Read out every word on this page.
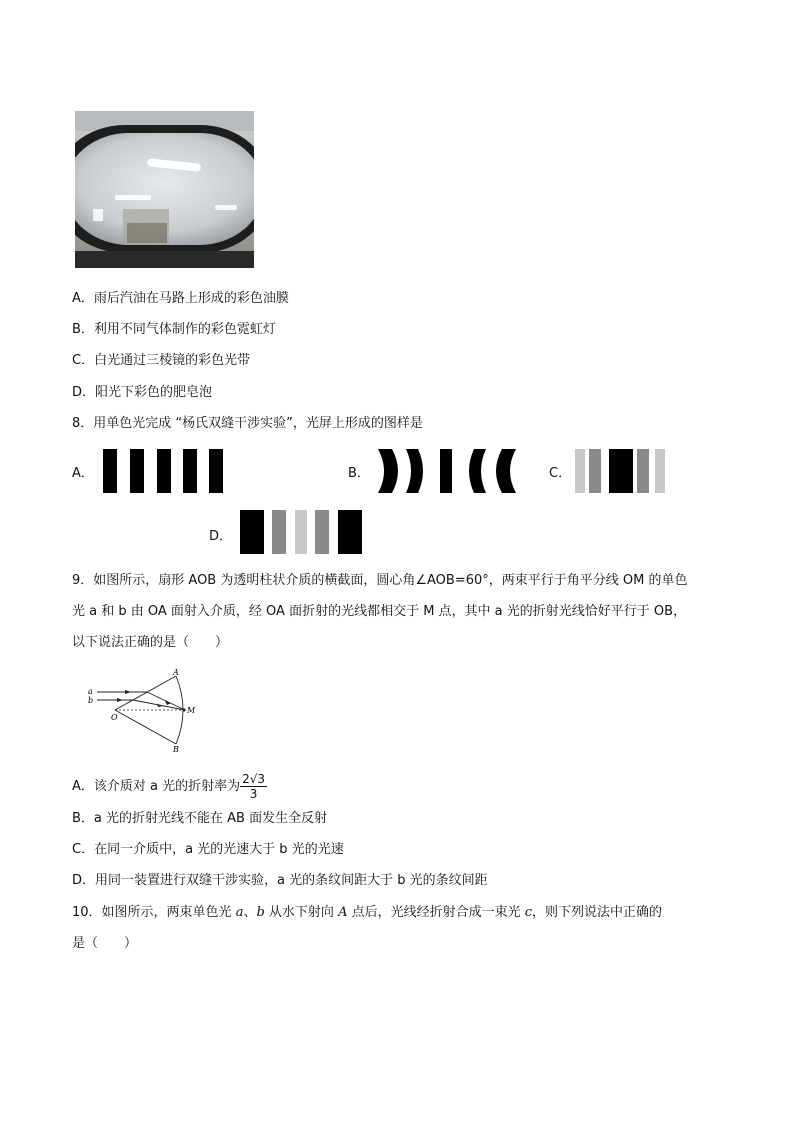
A．雨后汽油在马路上形成的彩色油膜
B．利用不同气体制作的彩色霓虹灯
C．白光通过三棱镜的彩色光带
D．阳光下彩色的肥皂泡
8．用单色光完成 “杨氏双缝干涉实验”，光屏上形成的图样是
A．	B．	C．
D．
9．如图所示，扇形 AOB 为透明柱状介质的横截面，圆心角∠AOB=60°，两束平行于角平分线 OM 的单色
光 a 和 b 由 OA 面射入介质，经 OA 面折射的光线都相交于 M 点，其中 a 光的折射光线恰好平行于 OB，
以下说法正确的是（　　）
a
b
O
A
B
M
A．该介质对 a 光的折射率为 $\frac{2√3}{3}$
B．a 光的折射光线不能在 AB 面发生全反射
C．在同一介质中，a 光的光速大于 b 光的光速
D．用同一装置进行双缝干涉实验，a 光的条纹间距大于 b 光的条纹间距
10．如图所示，两束单色光 a、b 从水下射向 A 点后，光线经折射合成一束光 c，则下列说法中正确的
是（　　）
